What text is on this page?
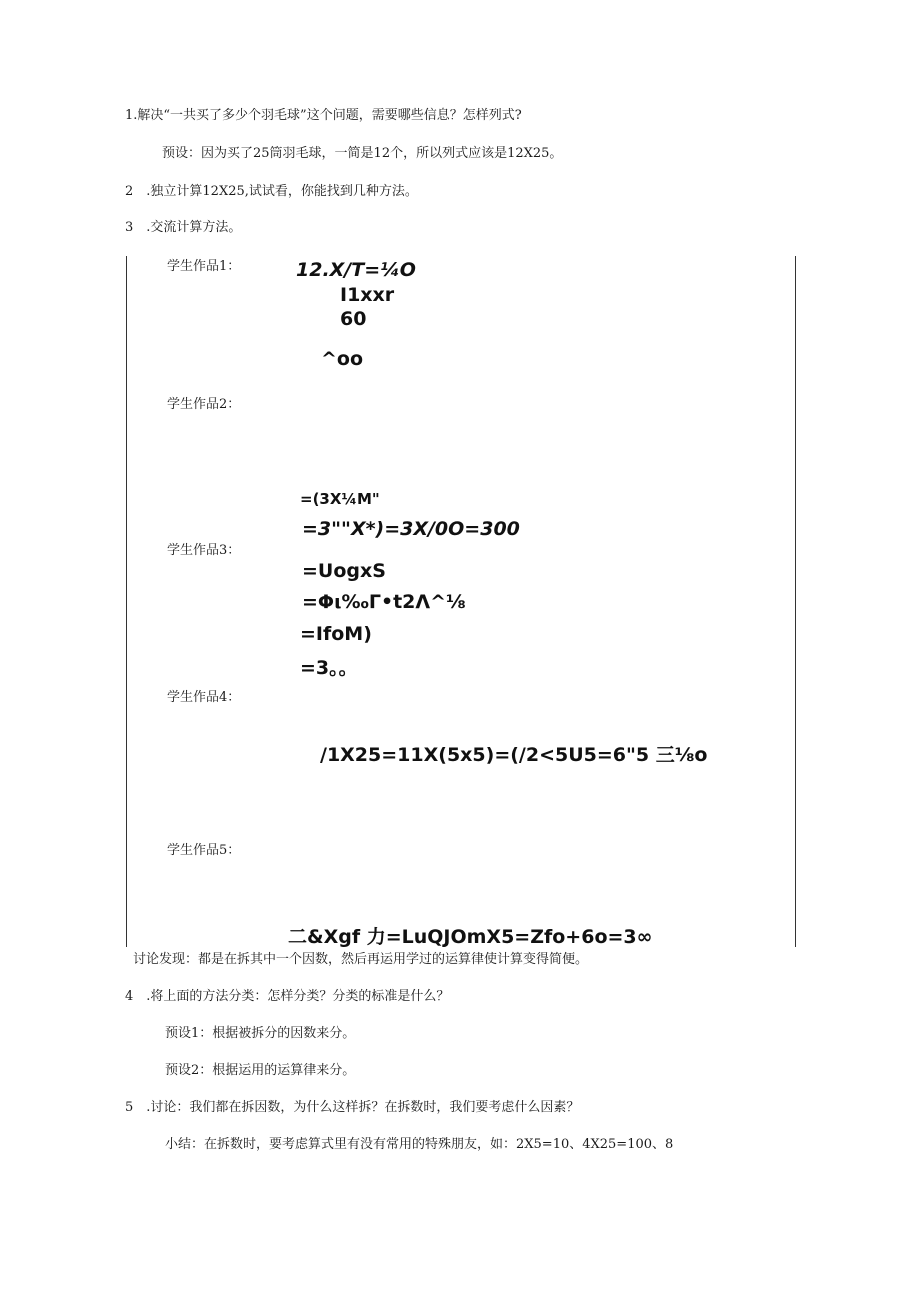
1.解决“一共买了多少个羽毛球”这个问题，需要哪些信息？怎样列式?
预设：因为买了25筒羽毛球，一简是12个，所以列式应该是12X25。
2　.独立计算12X25,试试看，你能找到几种方法。
3　.交流计算方法。
学生作品1：	12.X/T=¼O
I1xxr
60
^oo
学生作品2：
=(3X¼M"
=3""X*)=3X/0O=300
学生作品3：
=UogxS
=Φι‰Γ•t2Λ^⅛
=IfoM)
=3。。
学生作品4：
/1X25=11X(5x5)=(/2<5U5=6"5 三⅛o
学生作品5：
二&Xgf 力=LuQJOmX5=Zfo+6o=3∞
讨论发现：都是在拆其中一个因数，然后再运用学过的运算律使计算变得简便。
4　.将上面的方法分类：怎样分类？分类的标准是什么？
预设1：根据被拆分的因数来分。
预设2：根据运用的运算律来分。
5　.讨论：我们都在拆因数，为什么这样拆？在拆数时，我们要考虑什么因素？
小结：在拆数时，要考虑算式里有没有常用的特殊朋友，如：2X5=10、4X25=100、8
